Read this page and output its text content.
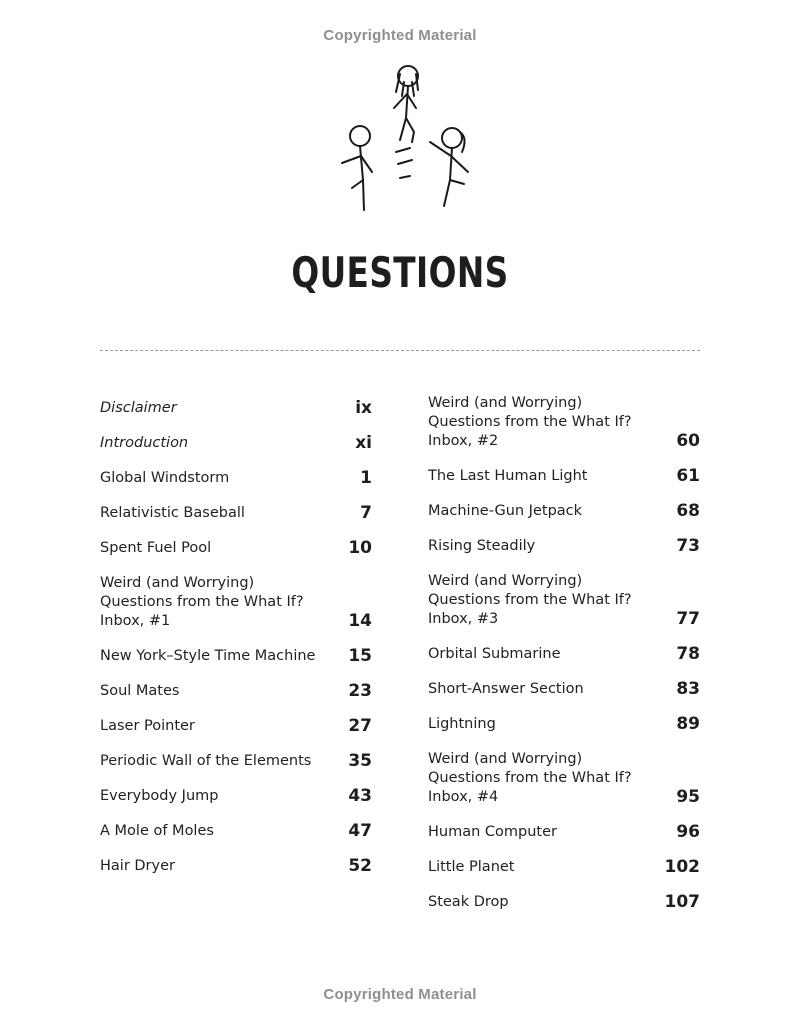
Copyrighted Material
QUESTIONS
Disclaimer	ix
Introduction	xi
Global Windstorm	1
Relativistic Baseball	7
Spent Fuel Pool	10
Weird (and Worrying) Questions from the What If? Inbox, #1	14
New York–Style Time Machine	15
Soul Mates	23
Laser Pointer	27
Periodic Wall of the Elements	35
Everybody Jump	43
A Mole of Moles	47
Hair Dryer	52
Weird (and Worrying) Questions from the What If? Inbox, #2	60
The Last Human Light	61
Machine-Gun Jetpack	68
Rising Steadily	73
Weird (and Worrying) Questions from the What If? Inbox, #3	77
Orbital Submarine	78
Short-Answer Section	83
Lightning	89
Weird (and Worrying) Questions from the What If? Inbox, #4	95
Human Computer	96
Little Planet	102
Steak Drop	107
Copyrighted Material
